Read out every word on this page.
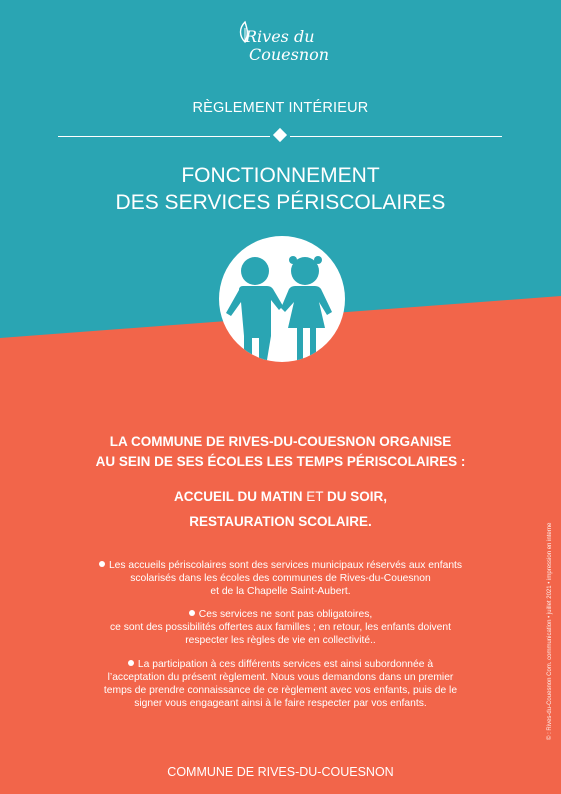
Rives du
Couesnon
RÈGLEMENT INTÉRIEUR
FONCTIONNEMENT
DES SERVICES PÉRISCOLAIRES
LA COMMUNE DE RIVES-DU-COUESNON ORGANISE
AU SEIN DE SES ÉCOLES LES TEMPS PÉRISCOLAIRES :
ACCUEIL DU MATIN ET DU SOIR,
RESTAURATION SCOLAIRE.
Les accueils périscolaires sont des services municipaux réservés aux enfants
scolarisés dans les écoles des communes de Rives-du-Couesnon
et de la Chapelle Saint-Aubert.
Ces services ne sont pas obligatoires,
ce sont des possibilités offertes aux familles ; en retour, les enfants doivent
respecter les règles de vie en collectivité..
La participation à ces différents services est ainsi subordonnée à
l’acceptation du présent règlement. Nous vous demandons dans un premier
temps de prendre connaissance de ce règlement avec vos enfants, puis de le
signer vous engageant ainsi à le faire respecter par vos enfants.
COMMUNE DE RIVES-DU-COUESNON
© : Rives-du-Couesnon Com. communication • juillet 2021 • impression en interne
